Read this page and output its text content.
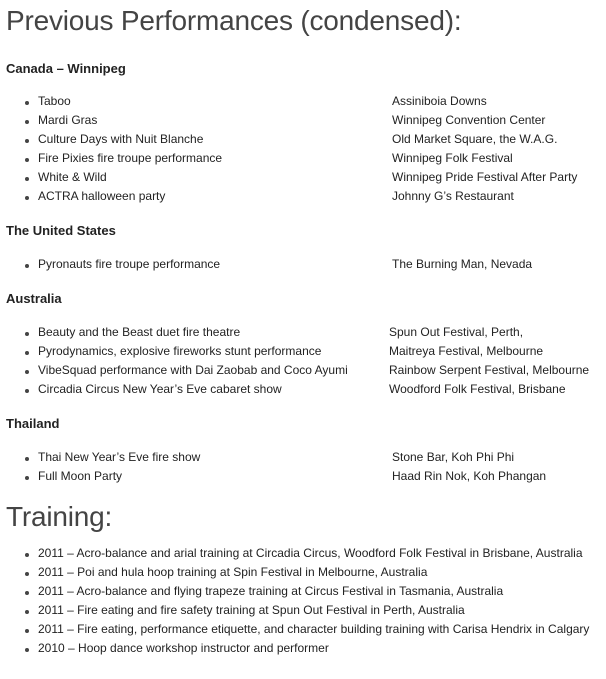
Previous Performances (condensed):
Canada – Winnipeg
Taboo	Assiniboia Downs
Mardi Gras	Winnipeg Convention Center
Culture Days with Nuit Blanche	Old Market Square, the W.A.G.
Fire Pixies fire troupe performance	Winnipeg Folk Festival
White & Wild	Winnipeg Pride Festival After Party
ACTRA halloween party	Johnny G’s Restaurant
The United States
Pyronauts fire troupe performance	The Burning Man, Nevada
Australia
Beauty and the Beast duet fire theatre	Spun Out Festival, Perth,
Pyrodynamics, explosive fireworks stunt performance	Maitreya Festival, Melbourne
VibeSquad performance with Dai Zaobab and Coco Ayumi	Rainbow Serpent Festival, Melbourne
Circadia Circus New Year’s Eve cabaret show	Woodford Folk Festival, Brisbane
Thailand
Thai New Year’s Eve fire show	Stone Bar, Koh Phi Phi
Full Moon Party	Haad Rin Nok, Koh Phangan
Training:
2011 – Acro-balance and arial training at Circadia Circus, Woodford Folk Festival in Brisbane, Australia
2011 – Poi and hula hoop training at Spin Festival in Melbourne, Australia
2011 – Acro-balance and flying trapeze training at Circus Festival in Tasmania, Australia
2011 – Fire eating and fire safety training at Spun Out Festival in Perth, Australia
2011 – Fire eating, performance etiquette, and character building training with Carisa Hendrix in Calgary
2010 – Hoop dance workshop instructor and performer
